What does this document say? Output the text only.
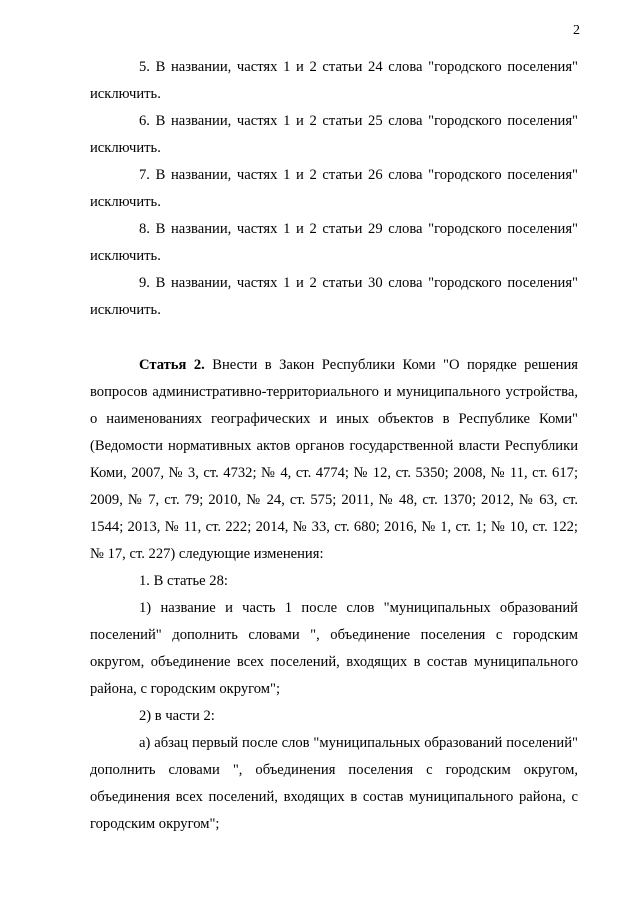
2

5. В названии, частях 1 и 2 статьи 24 слова "городского поселения" исключить.

6. В названии, частях 1 и 2 статьи 25 слова "городского поселения" исключить.

7. В названии, частях 1 и 2 статьи 26 слова "городского поселения" исключить.

8. В названии, частях 1 и 2 статьи 29 слова "городского поселения" исключить.

9. В названии, частях 1 и 2 статьи 30 слова "городского поселения" исключить.

Статья 2. Внести в Закон Республики Коми "О порядке решения вопросов административно-территориального и муниципального устройства, о наименованиях географических и иных объектов в Республике Коми" (Ведомости нормативных актов органов государственной власти Республики Коми, 2007, № 3, ст. 4732; № 4, ст. 4774; № 12, ст. 5350; 2008, № 11, ст. 617; 2009, № 7, ст. 79; 2010, № 24, ст. 575; 2011, № 48, ст. 1370; 2012, № 63, ст. 1544; 2013, № 11, ст. 222; 2014, № 33, ст. 680; 2016, № 1, ст. 1; № 10, ст. 122; № 17, ст. 227) следующие изменения:

1. В статье 28:

1) название и часть 1 после слов "муниципальных образований поселений" дополнить словами ", объединение поселения с городским округом, объединение всех поселений, входящих в состав муниципального района, с городским округом";

2) в части 2:

а) абзац первый после слов "муниципальных образований поселений" дополнить словами ", объединения поселения с городским округом, объединения всех поселений, входящих в состав муниципального района, с городским округом";
